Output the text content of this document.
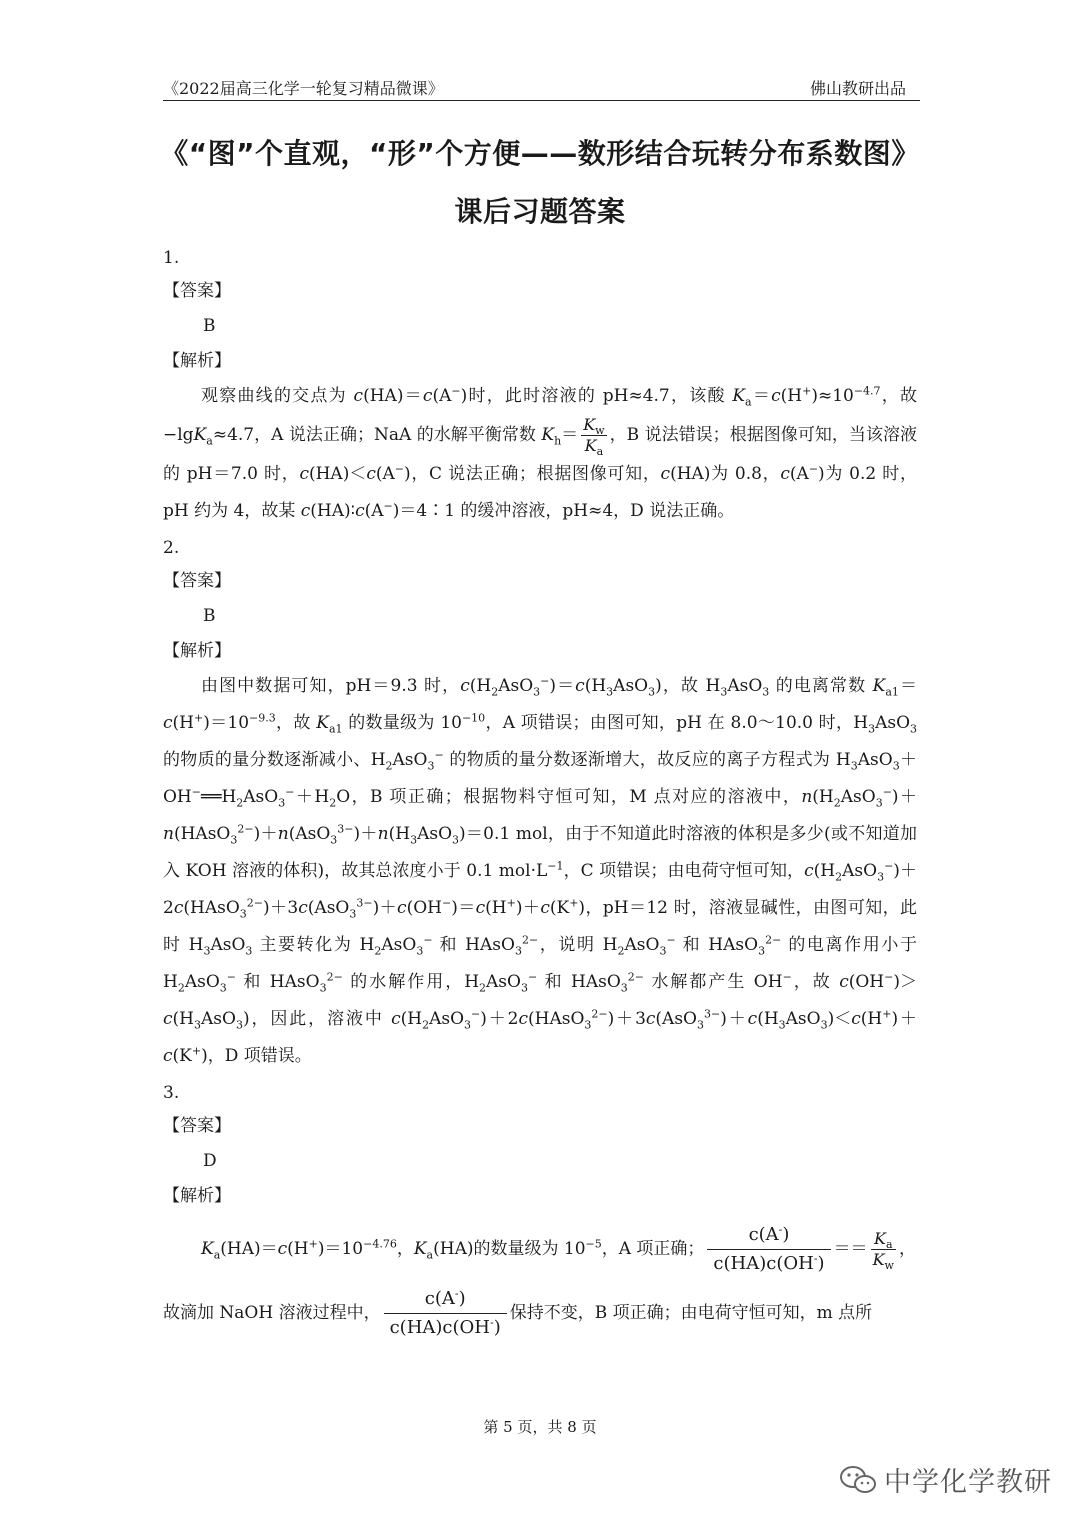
《2022届高三化学一轮复习精品微课》	佛山教研出品
《“图”个直观，“形”个方便——数形结合玩转分布系数图》
课后习题答案
1.
【答案】
B
【解析】

观察曲线的交点为 c(HA)＝c(A−)时，此时溶液的 pH≈4.7，该酸 $K_a=c(H^+)\approx 10^{-4.7}$，故−lgK$_a$≈4.7，A 说法正确；NaA 的水解平衡常数 $K_h= \frac{K_w}{K_a}$ ，B 说法错误；根据图像可知，当该溶液的 pH＝7.0 时，c(HA)＜c(A−)，C 说法正确；根据图像可知，c(HA)为 0.8，c(A−)为 0.2 时，pH 约为 4，故某 c(HA)∶c(A−)＝4∶1 的缓冲溶液，pH≈4，D 说法正确。

2.
【答案】
B
【解析】

由图中数据可知，pH＝9.3 时，$c(H_2AsO_3^-)=c(H_3AsO_3)$，故 $H_3AsO_3$ 的电离常数 $K_{a1}=c(H^+)=10^{-9.3}$，故 $K_{a1}$ 的数量级为 $10^{-10}$，A 项错误；由图可知，pH 在 8.0～10.0 时，$H_3AsO_3$ 的物质的量分数逐渐减小、$H_2AsO_3^-$ 的物质的量分数逐渐增大，故反应的离子方程式为 $H_3AsO_3+OH^-══H_2AsO_3^-+H_2O$，B 项正确；根据物料守恒可知，M 点对应的溶液中，$n(H_2AsO_3^-)+n(HAsO_3^{2-})+n(AsO_3^{3-})+n(H_3AsO_3)=0.1$ mol，由于不知道此时溶液的体积是多少(或不知道加入 KOH 溶液的体积)，故其总浓度小于 0.1 $mol\cdot L^{-1}$，C 项错误；由电荷守恒可知，$c(H_2AsO_3^-)+2c(HAsO_3^{2-})+3c(AsO_3^{3-})+c(OH^-)=c(H^+)+c(K^+)$，pH＝12 时，溶液显碱性，由图可知，此时 $H_3AsO_3$ 主要转化为 $H_2AsO_3^-$ 和 HAsO$_3^{2-}$，说明 $H_2AsO_3^-$ 和 HAsO$_3^{2-}$ 的电离作用小于 $H_2AsO_3^-$ 和 HAsO$_3^{2-}$ 的水解作用，$H_2AsO_3^-$ 和 HAsO$_3^{2-}$ 水解都产生 OH−，故 $c(OH^-)>c(H_3AsO_3)$，因此，溶液中 $c(H_2AsO_3^-)+2c(HAsO_3^{2-})+3c(AsO_3^{3-})+c(H_3AsO_3)<c(H^+)+c(K^+)$，D 项错误。

3.
【答案】
D
【解析】
$K_a(HA)=c(H^+)=10^{-4.76}$，$K_a(HA)$的数量级为 $10^{-5}$，A 项正确； $\frac{c(A^-)}{c(HA)c(OH^-)} == \frac{K_a}{K_w}$ ，
故滴加 NaOH 溶液过程中， $\frac{c(A^-)}{c(HA)c(OH^-)}$ 保持不变，B 项正确；由电荷守恒可知，m 点所
第 5 页，共 8 页
中学化学教研
